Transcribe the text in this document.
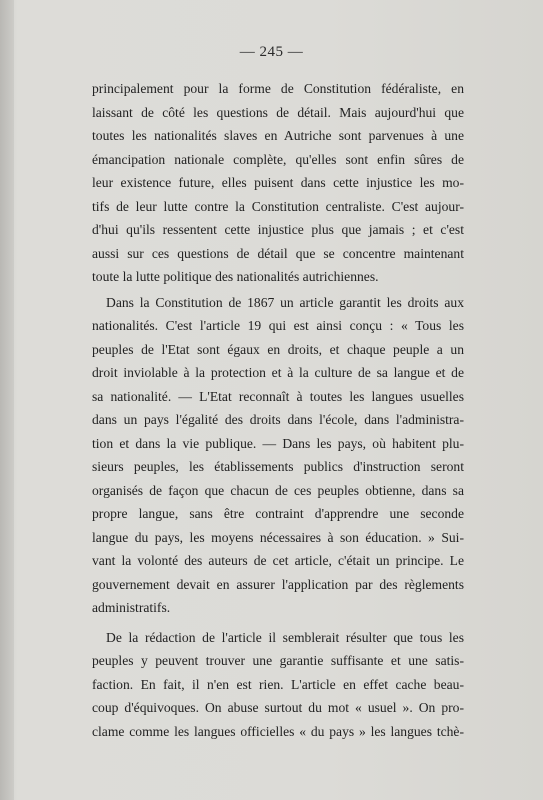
— 245 —
principalement pour la forme de Constitution fédéraliste, en
laissant de côté les questions de détail. Mais aujourd'hui que
toutes les nationalités slaves en Autriche sont parvenues à une
émancipation nationale complète, qu'elles sont enfin sûres de
leur existence future, elles puisent dans cette injustice les mo-
tifs de leur lutte contre la Constitution centraliste. C'est aujour-
d'hui qu'ils ressentent cette injustice plus que jamais ; et c'est
aussi sur ces questions de détail que se concentre maintenant
toute la lutte politique des nationalités autrichiennes.
Dans la Constitution de 1867 un article garantit les droits aux
nationalités. C'est l'article 19 qui est ainsi conçu : « Tous les
peuples de l'Etat sont égaux en droits, et chaque peuple a un
droit inviolable à la protection et à la culture de sa langue et de
sa nationalité. — L'Etat reconnaît à toutes les langues usuelles
dans un pays l'égalité des droits dans l'école, dans l'administra-
tion et dans la vie publique. — Dans les pays, où habitent plu-
sieurs peuples, les établissements publics d'instruction seront
organisés de façon que chacun de ces peuples obtienne, dans sa
propre langue, sans être contraint d'apprendre une seconde
langue du pays, les moyens nécessaires à son éducation. » Sui-
vant la volonté des auteurs de cet article, c'était un principe. Le
gouvernement devait en assurer l'application par des règlements
administratifs.
De la rédaction de l'article il semblerait résulter que tous les
peuples y peuvent trouver une garantie suffisante et une satis-
faction. En fait, il n'en est rien. L'article en effet cache beau-
coup d'équivoques. On abuse surtout du mot « usuel ». On pro-
clame comme les langues officielles « du pays » les langues tchè-
